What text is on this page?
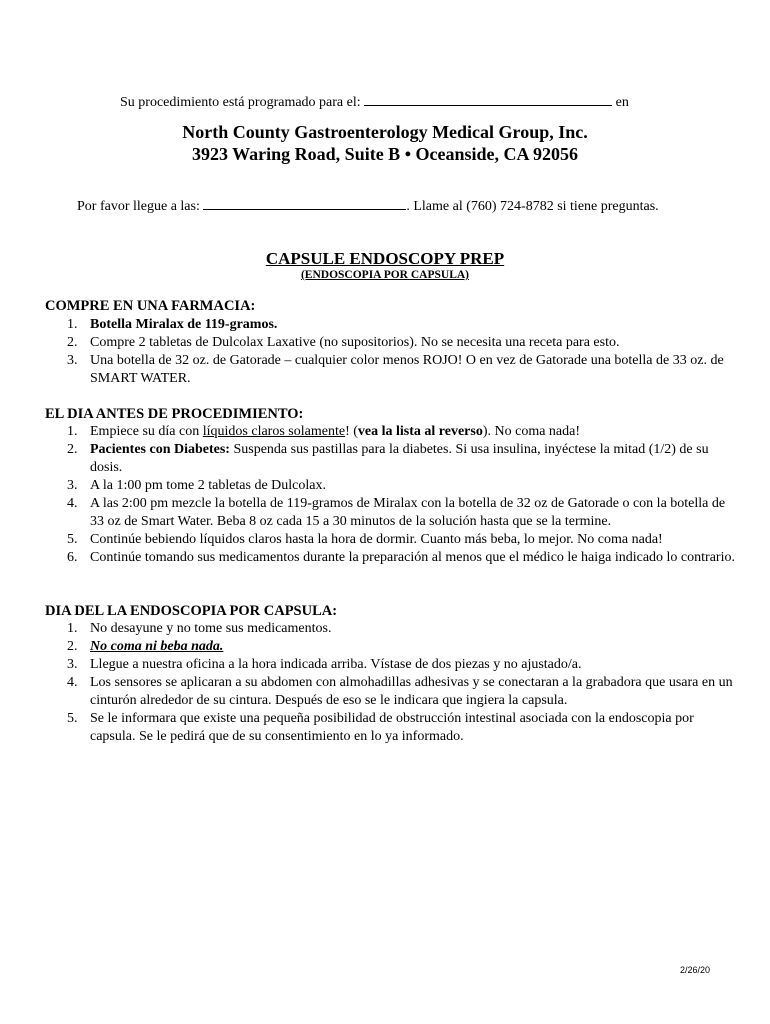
Su procedimiento está programado para el:	en
North County Gastroenterology Medical Group, Inc.
3923 Waring Road, Suite B • Oceanside, CA 92056
Por favor llegue a las:	. Llame al (760) 724-8782 si tiene preguntas.
CAPSULE ENDOSCOPY PREP
(ENDOSCOPIA POR CAPSULA)
COMPRE EN UNA FARMACIA:
1. Botella Miralax de 119-gramos.
2. Compre 2 tabletas de Dulcolax Laxative (no supositorios). No se necesita una receta para esto.
3. Una botella de 32 oz. de Gatorade – cualquier color menos ROJO! O en vez de Gatorade una botella de 33 oz. de SMART WATER.
EL DIA ANTES DE PROCEDIMIENTO:
1. Empiece su día con líquidos claros solamente! (vea la lista al reverso). No coma nada!
2. Pacientes con Diabetes: Suspenda sus pastillas para la diabetes. Si usa insulina, inyéctese la mitad (1/2) de su dosis.
3. A la 1:00 pm tome 2 tabletas de Dulcolax.
4. A las 2:00 pm mezcle la botella de 119-gramos de Miralax con la botella de 32 oz de Gatorade o con la botella de 33 oz de Smart Water. Beba 8 oz cada 15 a 30 minutos de la solución hasta que se la termine.
5. Continúe bebiendo líquidos claros hasta la hora de dormir. Cuanto más beba, lo mejor. No coma nada!
6. Continúe tomando sus medicamentos durante la preparación al menos que el médico le haiga indicado lo contrario.
DIA DEL LA ENDOSCOPIA POR CAPSULA:
1. No desayune y no tome sus medicamentos.
2. No coma ni beba nada.
3. Llegue a nuestra oficina a la hora indicada arriba. Vístase de dos piezas y no ajustado/a.
4. Los sensores se aplicaran a su abdomen con almohadillas adhesivas y se conectaran a la grabadora que usara en un cinturón alrededor de su cintura. Después de eso se le indicara que ingiera la capsula.
5. Se le informara que existe una pequeña posibilidad de obstrucción intestinal asociada con la endoscopia por capsula. Se le pedirá que de su consentimiento en lo ya informado.
2/26/20
